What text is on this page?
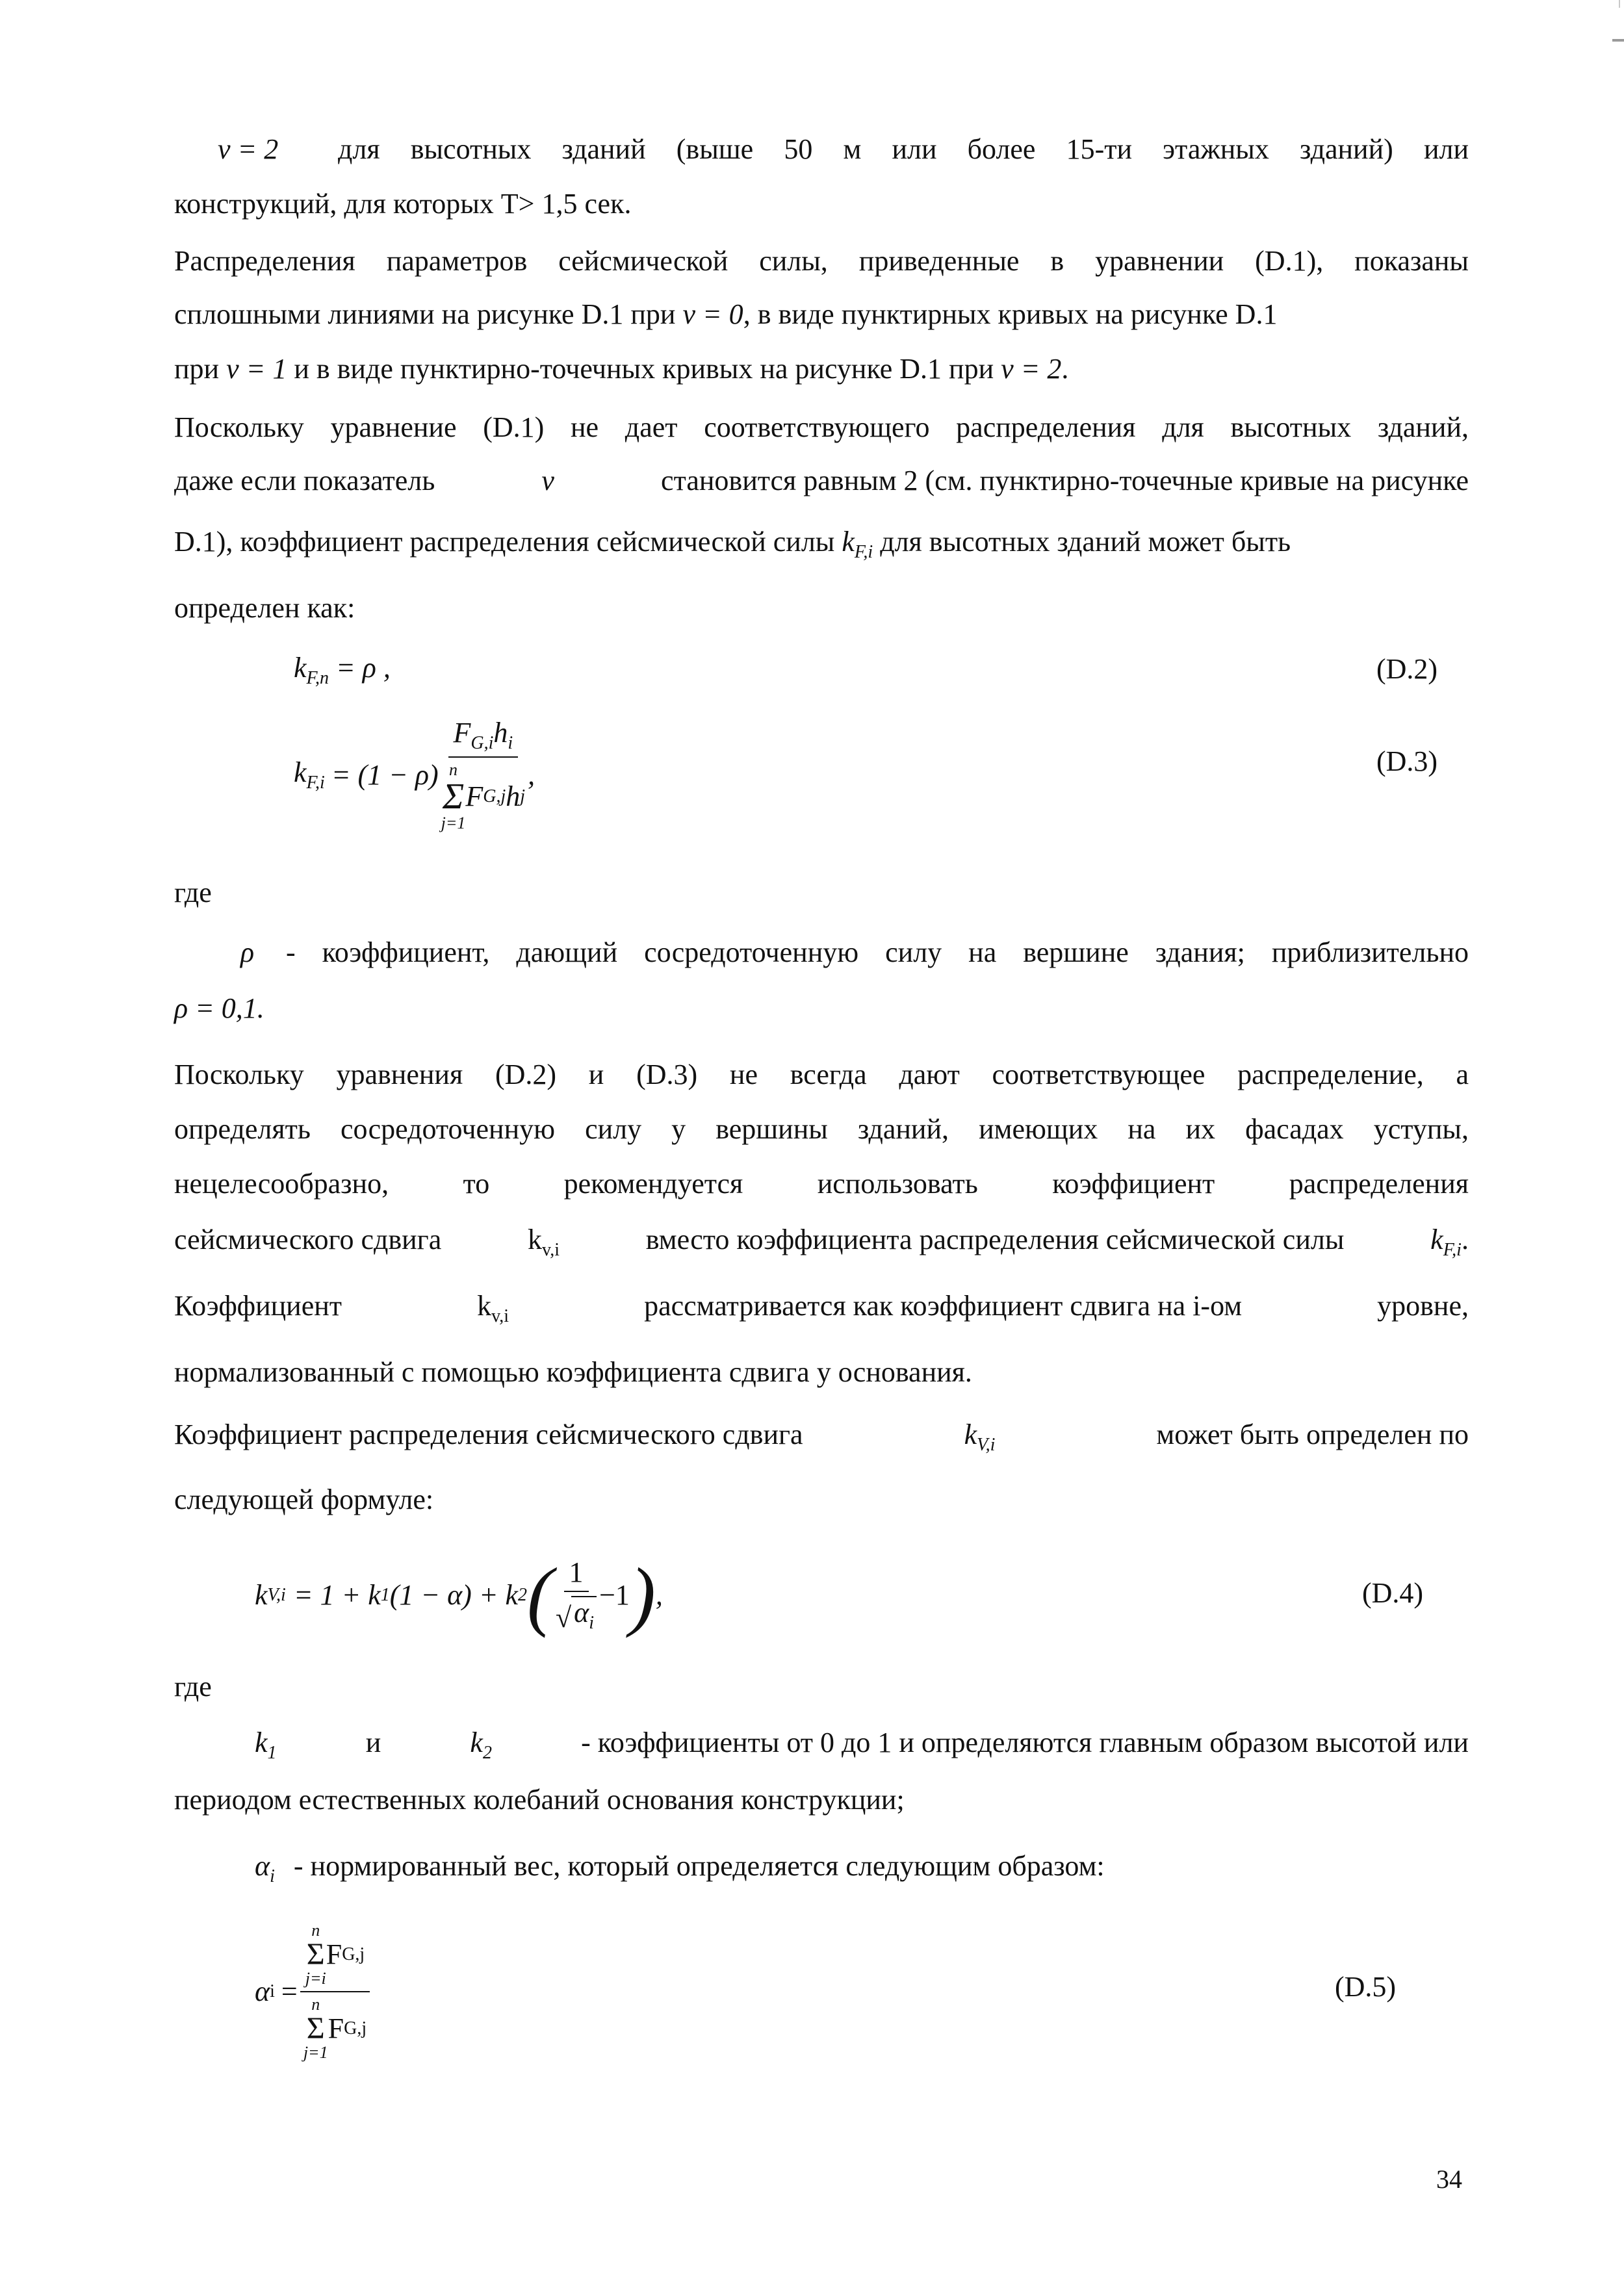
ν = 2 для высотных зданий (выше 50 м или более 15-ти этажных зданий) или
конструкций, для которых T> 1,5 сек.
Распределения параметров сейсмической силы, приведенные в уравнении (D.1), показаны
сплошными линиями на рисунке D.1 при ν = 0, в виде пунктирных кривых на рисунке D.1
при ν = 1 и в виде пунктирно-точечных кривых на рисунке D.1 при ν = 2.
Поскольку уравнение (D.1) не дает соответствующего распределения для высотных зданий,
даже если показатель	ν	становится равным 2 (см. пунктирно-точечные кривые на рисунке
D.1), коэффициент распределения сейсмической силы $k_{F,i}$ для высотных зданий может быть
определен как:
$k_{F,n} = \rho$ ,	(D.2)
$k_{F,i} = (1 - \rho)$ $F_{G,i}h_i$
n
Σ
j=1
F G,j h j ,	(D.3)
где
ρ - коэффициент, дающий сосредоточенную силу на вершине здания; приблизительно
ρ = 0,1.
Поскольку уравнения (D.2) и (D.3) не всегда дают соответствующее распределение, а
определять сосредоточенную силу у вершины зданий, имеющих на их фасадах уступы,
нецелесообразно, то рекомендуется использовать коэффициент распределения
сейсмического сдвига	$k_{v,i}$	вместо коэффициента распределения сейсмической силы	$k_{F,i}$.
Коэффициент	$k_{v,i}$	рассматривается как коэффициент сдвига на i-ом	уровне,
нормализованный с помощью коэффициента сдвига у основания.
Коэффициент распределения сейсмического сдвига	$k_{V,i}$	может быть определен по
следующей формуле:
k V,i = 1 + k 1 (1 − α) + k 2 ( $\frac{1}{√ \alpha_i} -1$ ) ,	(D.4)
где
$k_1$	и	$k_2$	- коэффициенты от 0 до 1 и определяются главным образом высотой или
периодом естественных колебаний основания конструкции;
$\alpha_i$ - нормированный вес, который определяется следующим образом:
α i = n
Σ
j=i
F G,j
n
Σ
j=1
F G,j	(D.5)
34
